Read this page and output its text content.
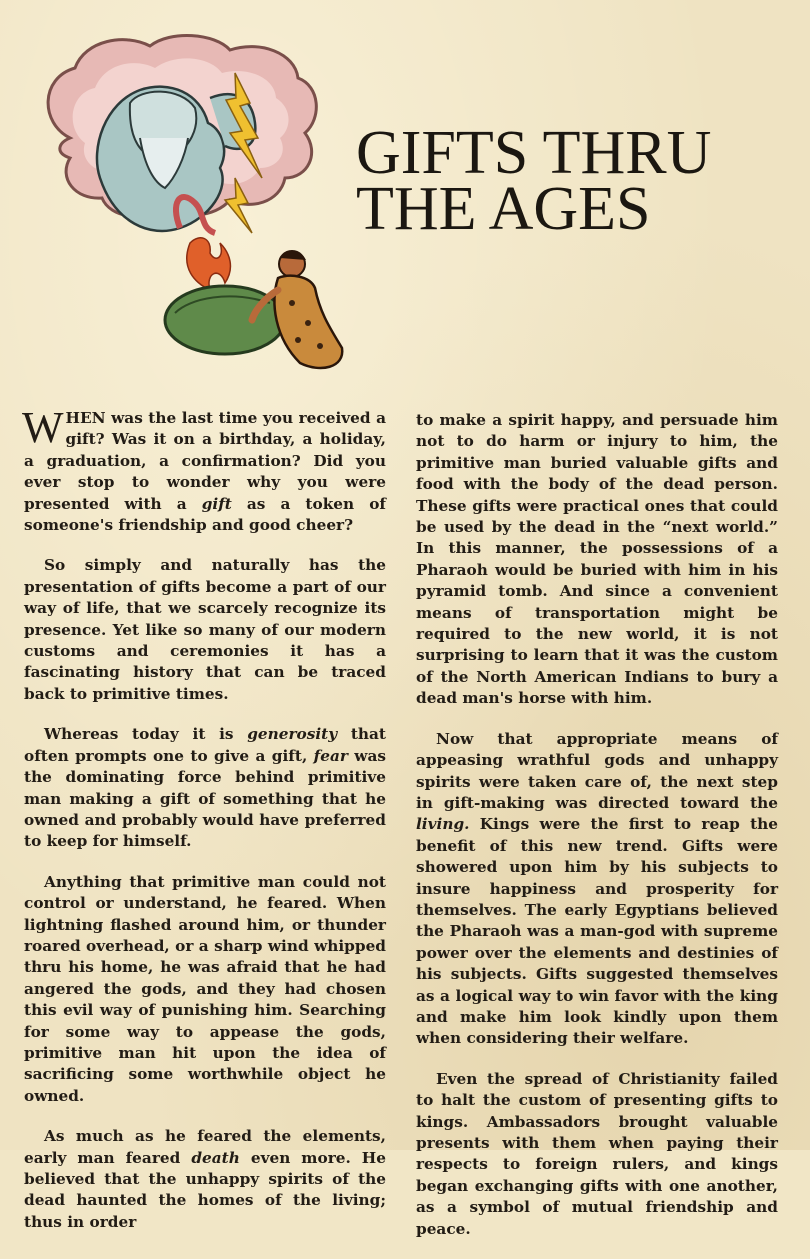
GIFTS THRU
THE AGES

WHEN was the last time you received a gift? Was it on a birthday, a holiday, a graduation, a confirmation? Did you ever stop to wonder why you were presented with a gift as a token of someone's friendship and good cheer?

So simply and naturally has the presentation of gifts become a part of our way of life, that we scarcely recognize its presence. Yet like so many of our modern customs and ceremonies it has a fascinating history that can be traced back to primitive times.

Whereas today it is generosity that often prompts one to give a gift, fear was the dominating force behind primitive man making a gift of something that he owned and probably would have preferred to keep for himself.

Anything that primitive man could not control or understand, he feared. When lightning flashed around him, or thunder roared overhead, or a sharp wind whipped thru his home, he was afraid that he had angered the gods, and they had chosen this evil way of punishing him. Searching for some way to appease the gods, primitive man hit upon the idea of sacrificing some worthwhile object he owned.

As much as he feared the elements, early man feared death even more. He believed that the unhappy spirits of the dead haunted the homes of the living; thus in order

to make a spirit happy, and persuade him not to do harm or injury to him, the primitive man buried valuable gifts and food with the body of the dead person. These gifts were practical ones that could be used by the dead in the “next world.” In this manner, the possessions of a Pharaoh would be buried with him in his pyramid tomb. And since a convenient means of transportation might be required to the new world, it is not surprising to learn that it was the custom of the North American Indians to bury a dead man's horse with him.

Now that appropriate means of appeasing wrathful gods and unhappy spirits were taken care of, the next step in gift-making was directed toward the living. Kings were the first to reap the benefit of this new trend. Gifts were showered upon him by his subjects to insure happiness and prosperity for themselves. The early Egyptians believed the Pharaoh was a man-god with supreme power over the elements and destinies of his subjects. Gifts suggested themselves as a logical way to win favor with the king and make him look kindly upon them when considering their welfare.

Even the spread of Christianity failed to halt the custom of presenting gifts to kings. Ambassadors brought valuable presents with them when paying their respects to foreign rulers, and kings began exchanging gifts with one another, as a symbol of mutual friendship and peace.
